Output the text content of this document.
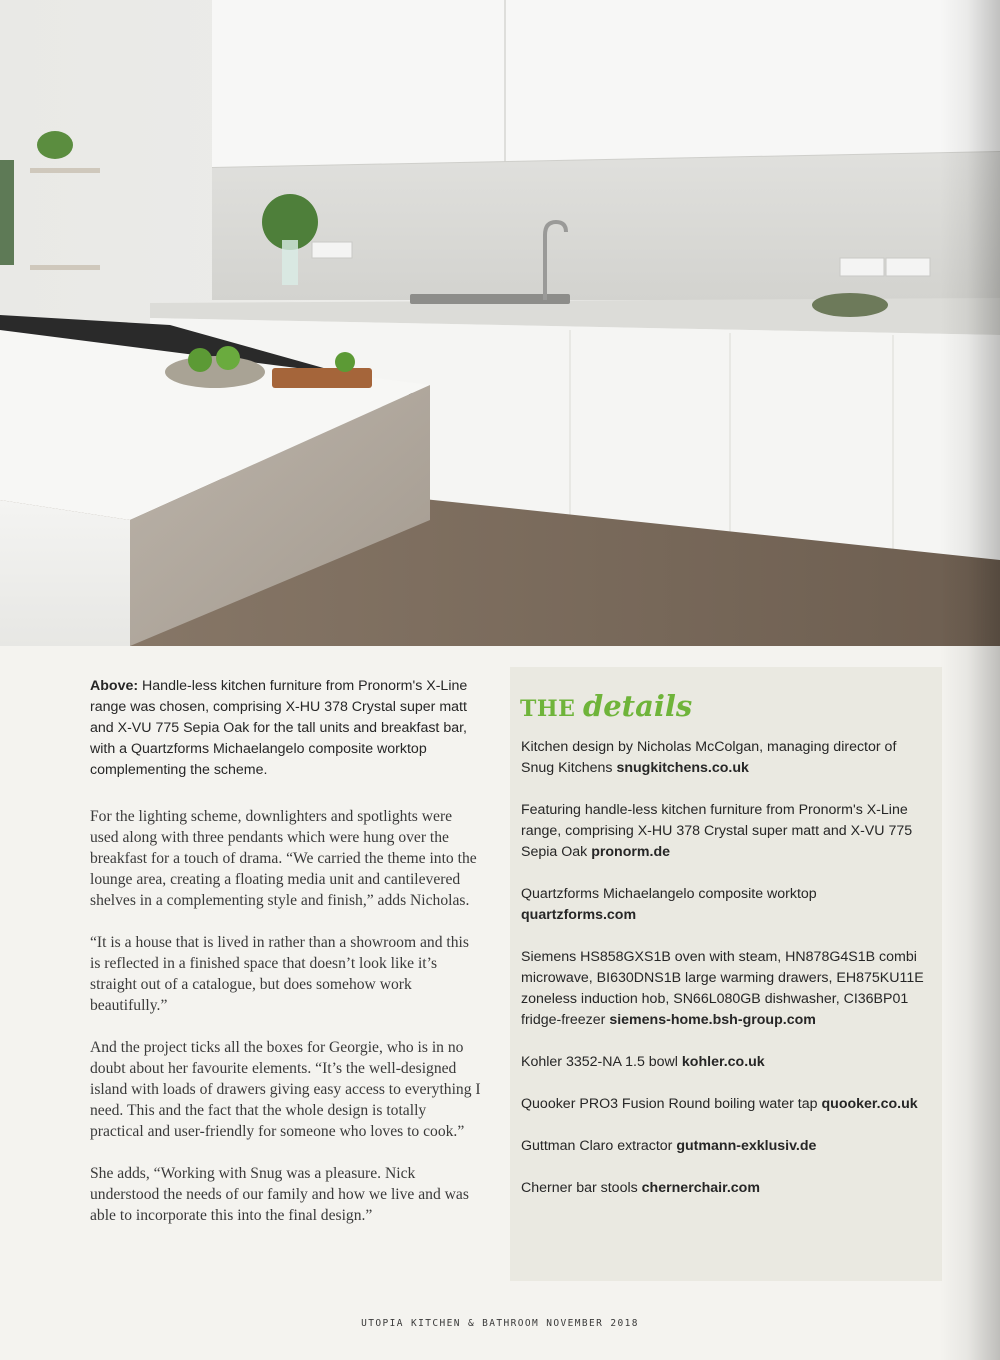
Above: Handle-less kitchen furniture from Pronorm's X-Line range was chosen, comprising X-HU 378 Crystal super matt and X-VU 775 Sepia Oak for the tall units and breakfast bar, with a Quartzforms Michaelangelo composite worktop complementing the scheme.

For the lighting scheme, downlighters and spotlights were used along with three pendants which were hung over the breakfast for a touch of drama. “We carried the theme into the lounge area, creating a floating media unit and cantilevered shelves in a complementing style and finish,” adds Nicholas.

“It is a house that is lived in rather than a showroom and this is reflected in a finished space that doesn’t look like it’s straight out of a catalogue, but does somehow work beautifully.”

And the project ticks all the boxes for Georgie, who is in no doubt about her favourite elements. “It’s the well-designed island with loads of drawers giving easy access to everything I need. This and the fact that the whole design is totally practical and user-friendly for someone who loves to cook.”

She adds, “Working with Snug was a pleasure. Nick understood the needs of our family and how we live and was able to incorporate this into the final design.”

THE details

Kitchen design by Nicholas McColgan, managing director of Snug Kitchens snugkitchens.co.uk

Featuring handle-less kitchen furniture from Pronorm's X-Line range, comprising X-HU 378 Crystal super matt and X-VU 775 Sepia Oak pronorm.de

Quartzforms Michaelangelo composite worktop quartzforms.com

Siemens HS858GXS1B oven with steam, HN878G4S1B combi microwave, BI630DNS1B large warming drawers, EH875KU11E zoneless induction hob, SN66L080GB dishwasher, CI36BP01 fridge-freezer siemens-home.bsh-group.com

Kohler 3352-NA 1.5 bowl kohler.co.uk

Quooker PRO3 Fusion Round boiling water tap quooker.co.uk

Guttman Claro extractor gutmann-exklusiv.de

Cherner bar stools chernerchair.com

UTOPIA KITCHEN & BATHROOM NOVEMBER 2018
